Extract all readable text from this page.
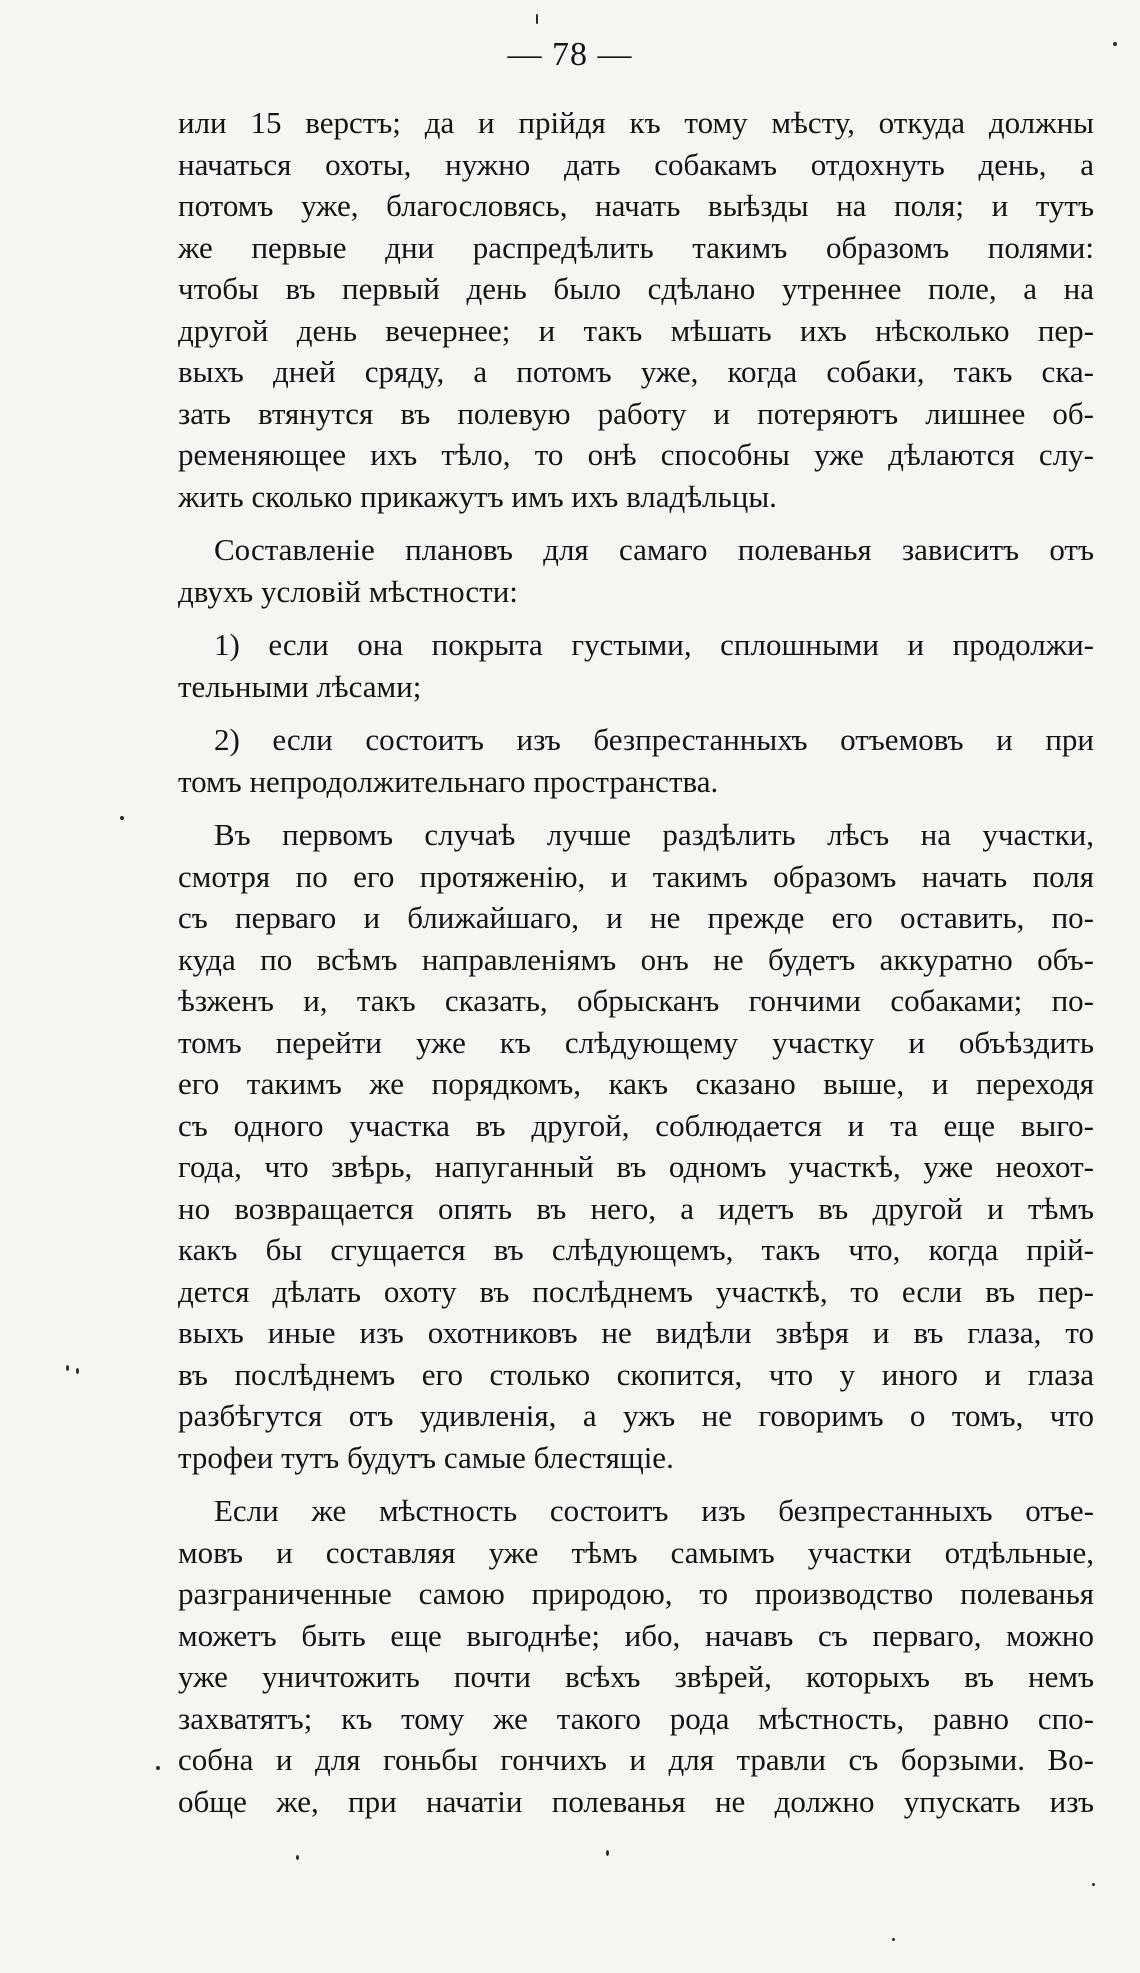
— 78 —
или 15 верстъ; да и прійдя къ тому мѣсту, откуда должны
начаться охоты, нужно дать собакамъ отдохнуть день, а
потомъ уже, благословясь, начать выѣзды на поля; и тутъ
же первые дни распредѣлить такимъ образомъ полями:
чтобы въ первый день было сдѣлано утреннее поле, а на
другой день вечернее; и такъ мѣшать ихъ нѣсколько пер-
выхъ дней сряду, а потомъ уже, когда собаки, такъ ска-
зать втянутся въ полевую работу и потеряютъ лишнее об-
ременяющее ихъ тѣло, то онѣ способны уже дѣлаются слу-
жить сколько прикажутъ имъ ихъ владѣльцы.
Составленіе плановъ для самаго полеванья зависитъ отъ
двухъ условій мѣстности:
1) если она покрыта густыми, сплошными и продолжи-
тельными лѣсами;
2) если состоитъ изъ безпрестанныхъ отъемовъ и при
томъ непродолжительнаго пространства.
Въ первомъ случаѣ лучше раздѣлить лѣсъ на участки,
смотря по его протяженію, и такимъ образомъ начать поля
съ перваго и ближайшаго, и не прежде его оставить, по-
куда по всѣмъ направленіямъ онъ не будетъ аккуратно объ-
ѣзженъ и, такъ сказать, обрысканъ гончими собаками; по-
томъ перейти уже къ слѣдующему участку и объѣздить
его такимъ же порядкомъ, какъ сказано выше, и переходя
съ одного участка въ другой, соблюдается и та еще выго-
года, что звѣрь, напуганный въ одномъ участкѣ, уже неохот-
но возвращается опять въ него, а идетъ въ другой и тѣмъ
какъ бы сгущается въ слѣдующемъ, такъ что, когда прій-
дется дѣлать охоту въ послѣднемъ участкѣ, то если въ пер-
выхъ иные изъ охотниковъ не видѣли звѣря и въ глаза, то
въ послѣднемъ его столько скопится, что у иного и глаза
разбѣгутся отъ удивленія, а ужъ не говоримъ о томъ, что
трофеи тутъ будутъ самые блестящіе.
Если же мѣстность состоитъ изъ безпрестанныхъ отъе-
мовъ и составляя уже тѣмъ самымъ участки отдѣльные,
разграниченные самою природою, то производство полеванья
можетъ быть еще выгоднѣе; ибо, начавъ съ перваго, можно
уже уничтожить почти всѣхъ звѣрей, которыхъ въ немъ
захватятъ; къ тому же такого рода мѣстность, равно спо-
собна и для гоньбы гончихъ и для травли съ борзыми. Во-
обще же, при начатіи полеванья не должно упускать изъ
